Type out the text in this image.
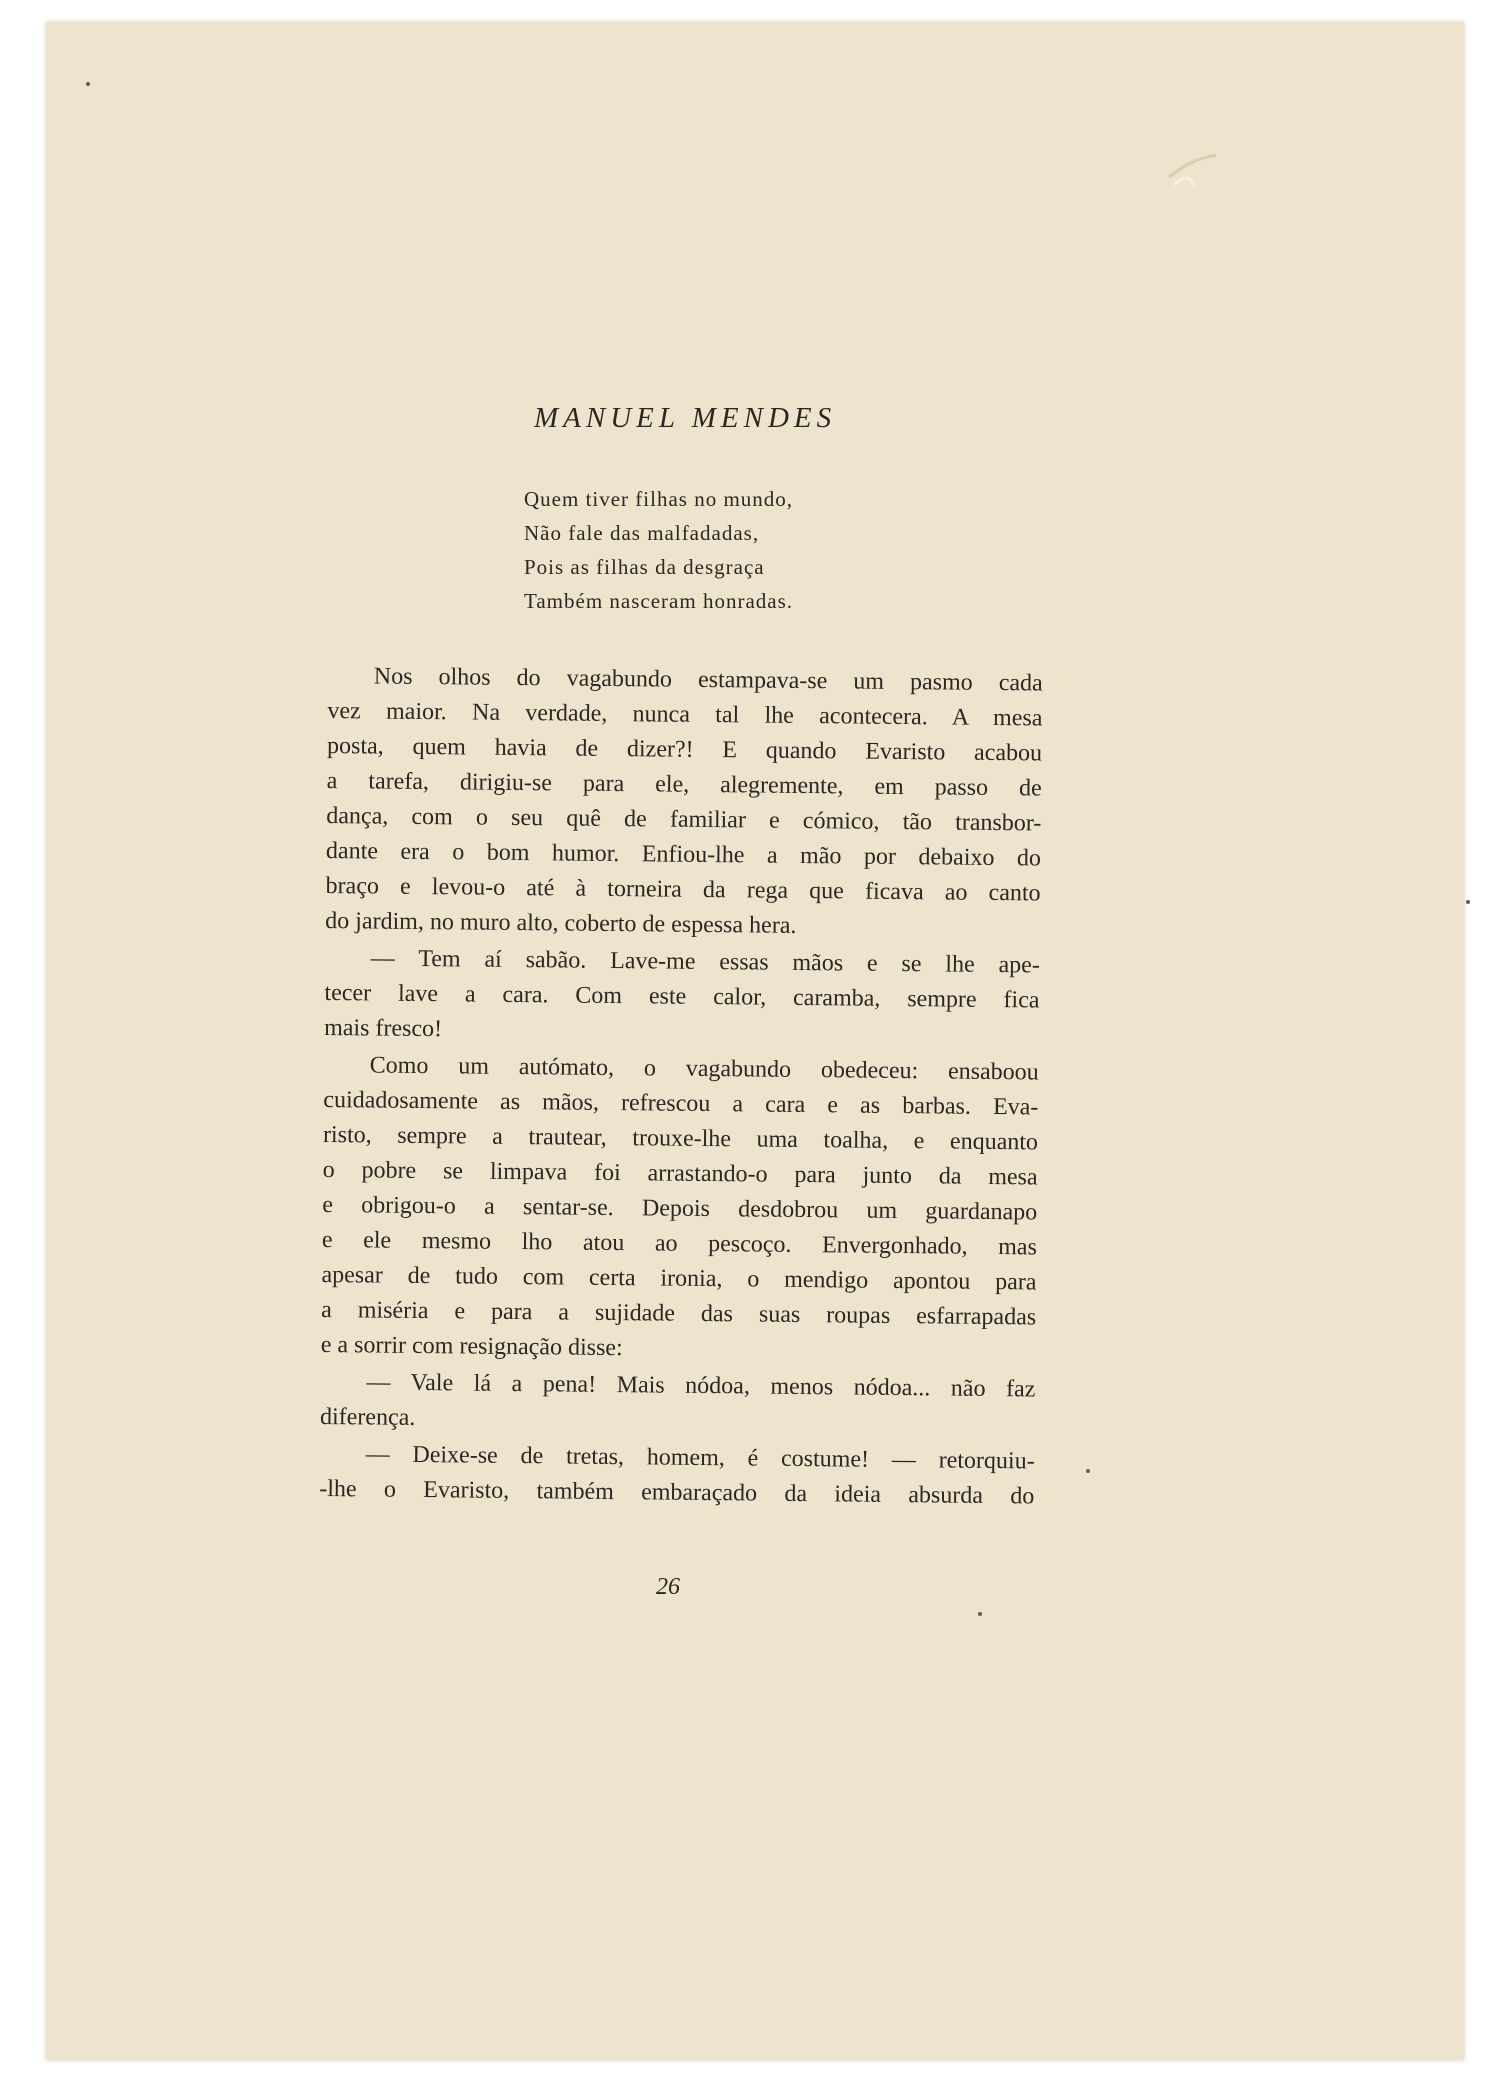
MANUEL MENDES
Quem tiver filhas no mundo,
Não fale das malfadadas,
Pois as filhas da desgraça
Também nasceram honradas.

Nos olhos do vagabundo estampava-se um pasmo cada
vez maior. Na verdade, nunca tal lhe acontecera. A mesa
posta, quem havia de dizer?! E quando Evaristo acabou
a tarefa, dirigiu-se para ele, alegremente, em passo de
dança, com o seu quê de familiar e cómico, tão transbor-
dante era o bom humor. Enfiou-lhe a mão por debaixo do
braço e levou-o até à torneira da rega que ficava ao canto
do jardim, no muro alto, coberto de espessa hera.

— Tem aí sabão. Lave-me essas mãos e se lhe ape-
tecer lave a cara. Com este calor, caramba, sempre fica
mais fresco!

Como um autómato, o vagabundo obedeceu: ensaboou
cuidadosamente as mãos, refrescou a cara e as barbas. Eva-
risto, sempre a trautear, trouxe-lhe uma toalha, e enquanto
o pobre se limpava foi arrastando-o para junto da mesa
e obrigou-o a sentar-se. Depois desdobrou um guardanapo
e ele mesmo lho atou ao pescoço. Envergonhado, mas
apesar de tudo com certa ironia, o mendigo apontou para
a miséria e para a sujidade das suas roupas esfarrapadas
e a sorrir com resignação disse:

— Vale lá a pena! Mais nódoa, menos nódoa... não faz
diferença.

— Deixe-se de tretas, homem, é costume! — retorquiu-
-lhe o Evaristo, também embaraçado da ideia absurda do

26
